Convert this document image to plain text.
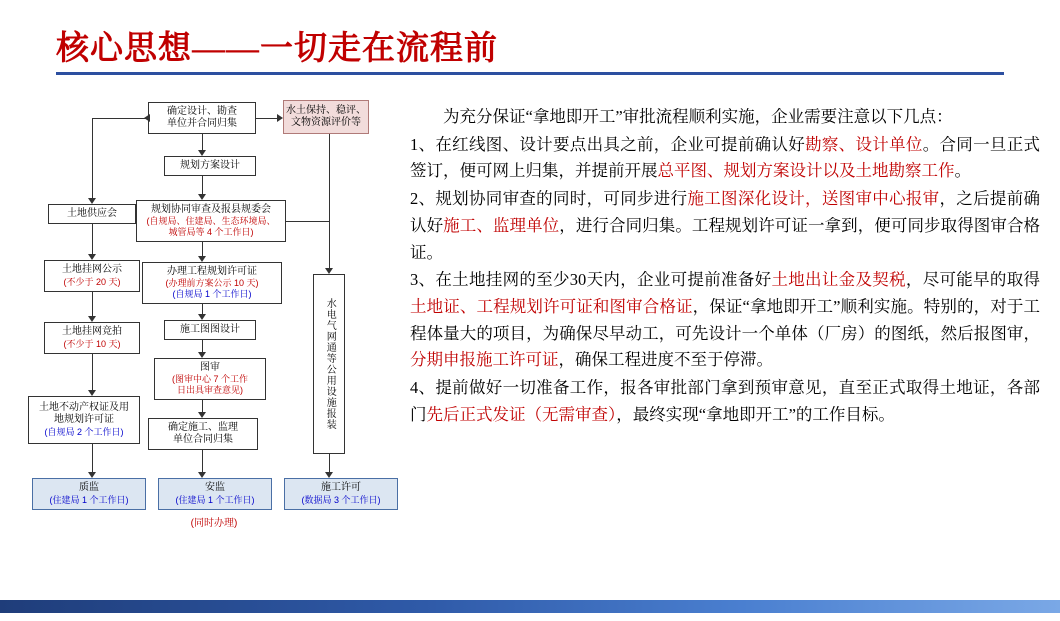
核心思想——一切走在流程前
确定设计、勘查
单位并合同归集
水土保持、稳评、
文物资源评价等
规划方案设计
规划协同审查及报县规委会
(自规局、住建局、生态环境局、
城管局等 4 个工作日)
办理工程规划许可证
(办理前方案公示 10 天)
(自规局 1 个工作日)
施工图图设计
图审
(图审中心 7 个工作
日出具审查意见)
确定施工、监理
单位合同归集
土地供应会
土地挂网公示
(不少于 20 天)
土地挂网竞拍
(不少于 10 天)
土地不动产权证及用
地规划许可证
(自规局 2 个工作日)
水电气网通等公用设施报装
质监
(住建局 1 个工作日)
安监
(住建局 1 个工作日)
施工许可
(数据局 3 个工作日)
(同时办理)

为充分保证“拿地即开工”审批流程顺利实施，企业需要注意以下几点：

1、在红线图、设计要点出具之前，企业可提前确认好勘察、设计单位。合同一旦正式签订，便可网上归集，并提前开展总平图、规划方案设计以及土地勘察工作。

2、规划协同审查的同时，可同步进行施工图深化设计，送图审中心报审，之后提前确认好施工、监理单位，进行合同归集。工程规划许可证一拿到，便可同步取得图审合格证。

3、在土地挂网的至少30天内，企业可提前准备好土地出让金及契税，尽可能早的取得土地证、工程规划许可证和图审合格证，保证“拿地即开工”顺利实施。特别的，对于工程体量大的项目，为确保尽早动工，可先设计一个单体（厂房）的图纸，然后报图审，分期申报施工许可证，确保工程进度不至于停滞。

4、提前做好一切准备工作，报各审批部门拿到预审意见，直至正式取得土地证，各部门先后正式发证（无需审查），最终实现“拿地即开工”的工作目标。
